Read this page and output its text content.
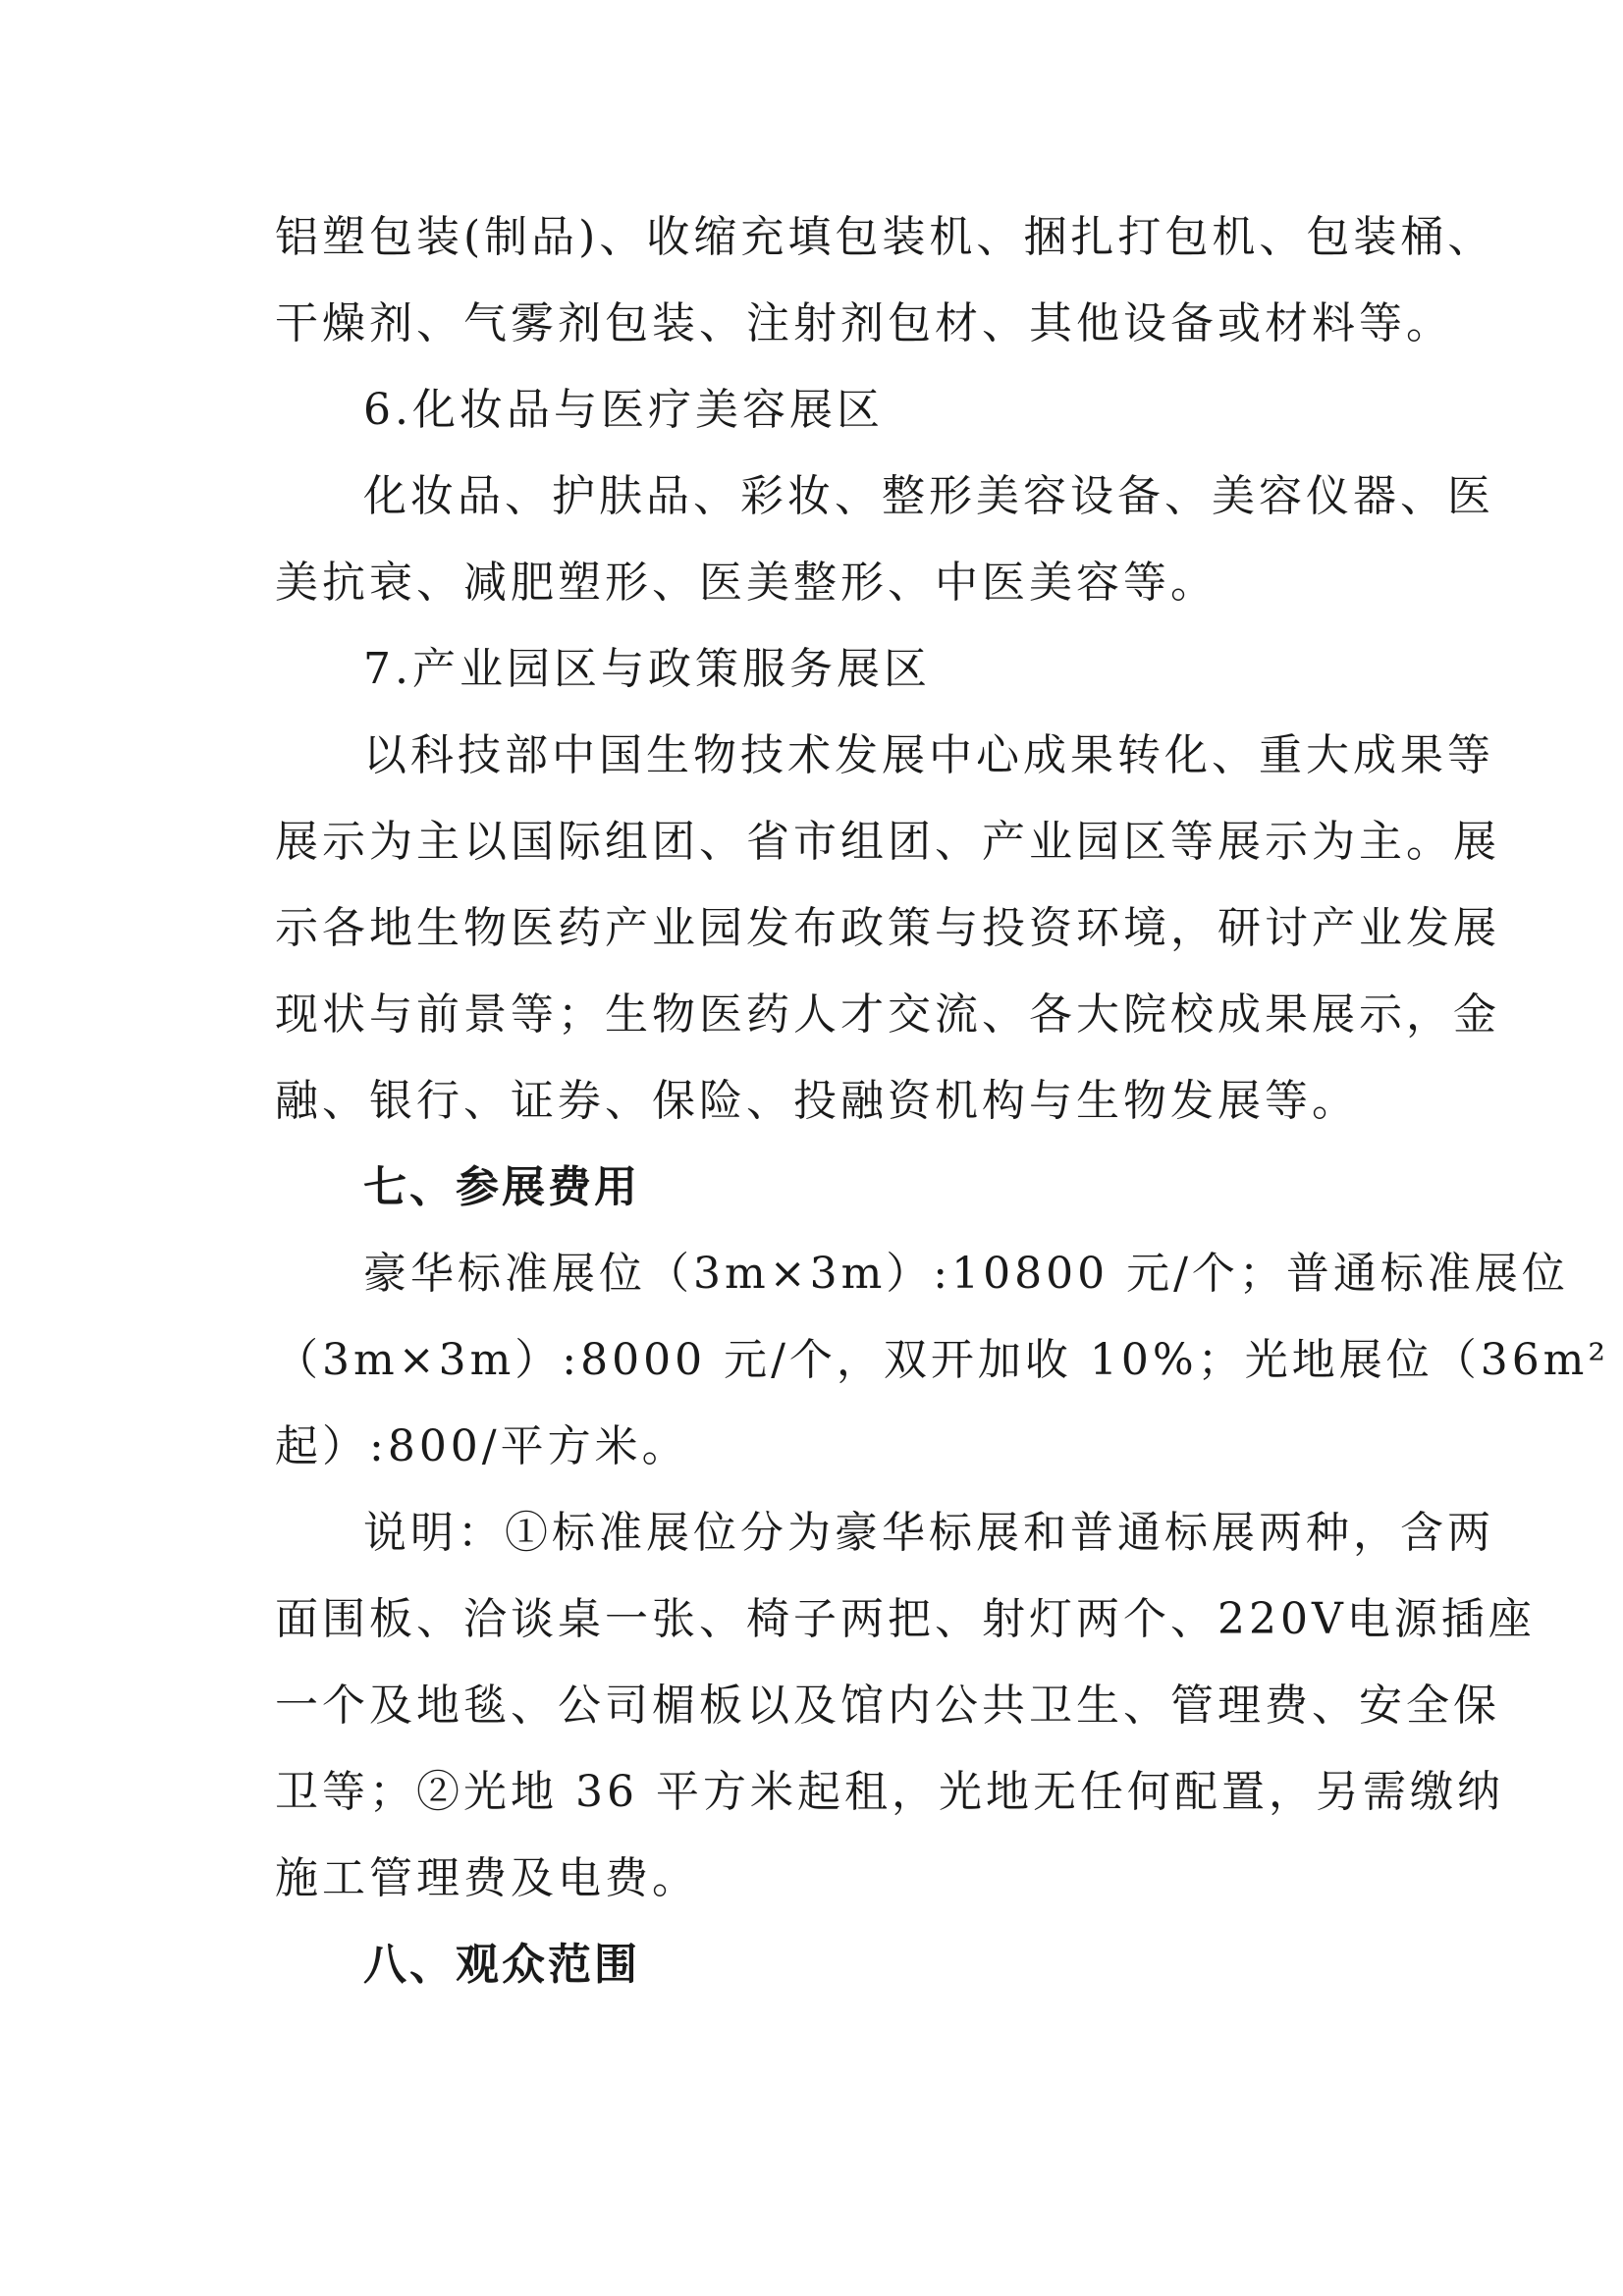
铝塑包装(制品)、收缩充填包装机、捆扎打包机、包装桶、
干燥剂、气雾剂包装、注射剂包材、其他设备或材料等。
6.化妆品与医疗美容展区
化妆品、护肤品、彩妆、整形美容设备、美容仪器、医
美抗衰、减肥塑形、医美整形、中医美容等。
7.产业园区与政策服务展区
以科技部中国生物技术发展中心成果转化、重大成果等
展示为主以国际组团、省市组团、产业园区等展示为主。展
示各地生物医药产业园发布政策与投资环境，研讨产业发展
现状与前景等；生物医药人才交流、各大院校成果展示，金
融、银行、证券、保险、投融资机构与生物发展等。
七、参展费用
豪华标准展位（3m×3m）:10800 元/个；普通标准展位
（3m×3m）:8000 元/个，双开加收 10%；光地展位（36m²
起）:800/平方米。
说明：①标准展位分为豪华标展和普通标展两种，含两
面围板、洽谈桌一张、椅子两把、射灯两个、220V电源插座
一个及地毯、公司楣板以及馆内公共卫生、管理费、安全保
卫等；②光地 36 平方米起租，光地无任何配置，另需缴纳
施工管理费及电费。
八、观众范围
